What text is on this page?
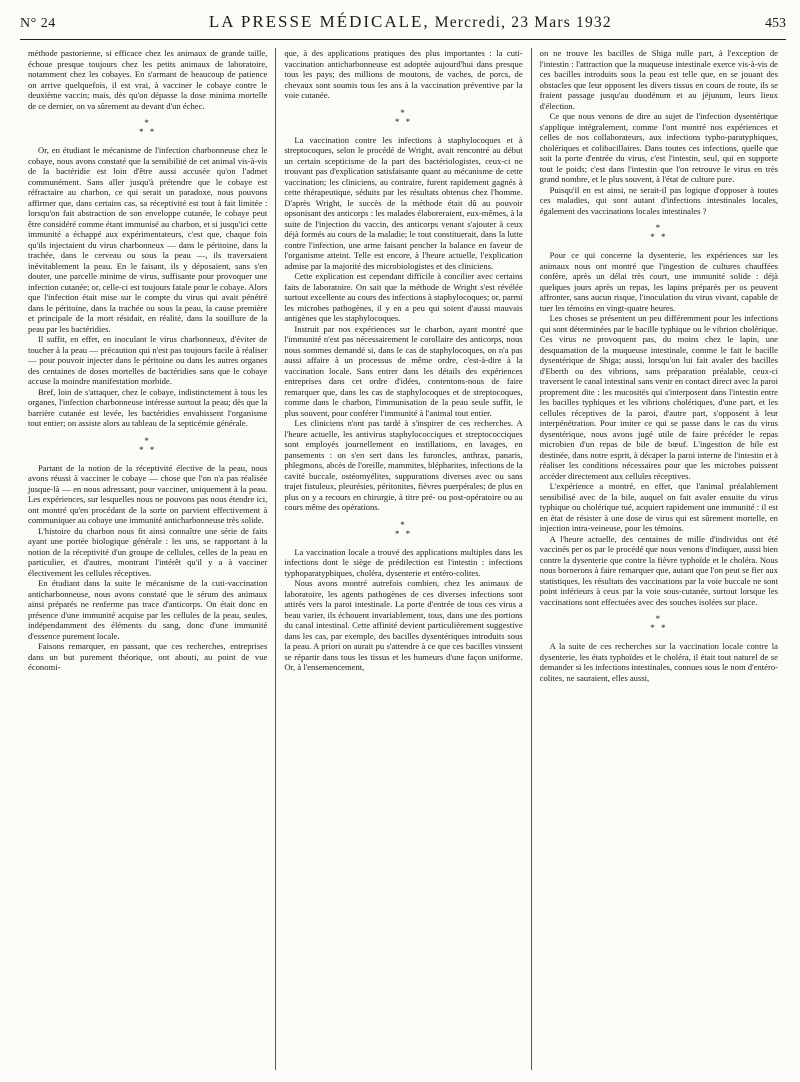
N° 24	LA PRESSE MÉDICALE, Mercredi, 23 Mars 1932	453

méthode pastorienne, si efficace chez les animaux de grande taille, échoue presque toujours chez les petits animaux de laboratoire, notamment chez les cobayes. En s'armant de beaucoup de patience on arrive quelquefois, il est vrai, à vacciner le cobaye contre le deuxième vaccin; mais, dès qu'on dépasse la dose minima mortelle de ce dernier, on va sûrement au devant d'un échec.

*
* *

Or, en étudiant le mécanisme de l'infection charbonneuse chez le cobaye, nous avons constaté que la sensibilité de cet animal vis-à-vis de la bactéridie est loin d'être aussi accusée qu'on l'admet communément. Sans aller jusqu'à prétendre que le cobaye est réfractaire au charbon, ce qui serait un paradoxe, nous pouvons affirmer que, dans certains cas, sa réceptivité est tout à fait limitée : lorsqu'on fait abstraction de son enveloppe cutanée, le cobaye peut être considéré comme étant immunisé au charbon, et si jusqu'ici cette immunité a échappé aux expérimentateurs, c'est que, chaque fois qu'ils injectaient du virus charbonneux — dans le péritoine, dans la trachée, dans le cerveau ou sous la peau —, ils traversaient inévitablement la peau. En le faisant, ils y déposaient, sans s'en douter, une parcelle minime de virus, suffisante pour provoquer une infection cutanée; or, celle-ci est toujours fatale pour le cobaye. Alors que l'infection était mise sur le compte du virus qui avait pénétré dans le péritoine, dans la trachée ou sous la peau, la cause première et principale de la mort résidait, en réalité, dans la souillure de la peau par les bactéridies.

Il suffit, en effet, en inoculant le virus charbonneux, d'éviter de toucher à la peau — précaution qui n'est pas toujours facile à réaliser — pour pouvoir injecter dans le péritoine ou dans les autres organes des centaines de doses mortelles de bactéridies sans que le cobaye accuse la moindre manifestation morbide.

Bref, loin de s'attaquer, chez le cobaye, indistinctement à tous les organes, l'infection charbonneuse intéresse surtout la peau; dès que la barrière cutanée est levée, les bactéridies envahissent l'organisme tout entier; on assiste alors au tableau de la septicémie générale.

*
* *

Partant de la notion de la réceptivité élective de la peau, nous avons réussi à vacciner le cobaye — chose que l'on n'a pas réalisée jusque-là — en nous adressant, pour vacciner, uniquement à la peau. Les expériences, sur lesquelles nous ne pouvons pas nous étendre ici, ont montré qu'en procédant de la sorte on parvient effectivement à communiquer au cobaye une immunité anticharbonneuse très solide.

L'histoire du charbon nous fit ainsi connaître une série de faits ayant une portée biologique générale : les uns, se rapportant à la notion de la réceptivité d'un groupe de cellules, celles de la peau en particulier, et d'autres, montrant l'intérêt qu'il y a à vacciner électivement les cellules réceptives.

En étudiant dans la suite le mécanisme de la cuti-vaccination anticharbonneuse, nous avons constaté que le sérum des animaux ainsi préparés ne renferme pas trace d'anticorps. On était donc en présence d'une immunité acquise par les cellules de la peau, seules, indépendamment des éléments du sang, donc d'une immunité d'essence purement locale.

Faisons remarquer, en passant, que ces recherches, entreprises dans un but purement théorique, ont abouti, au point de vue économi-

que, à des applications pratiques des plus importantes : la cuti-vaccination anticharbonneuse est adoptée aujourd'hui dans presque tous les pays; des millions de moutons, de vaches, de porcs, de chevaux sont soumis tous les ans à la vaccination préventive par la voie cutanée.

*
* *

La vaccination contre les infections à staphylocoques et à streptocoques, selon le procédé de Wright, avait rencontré au début un certain scepticisme de la part des bactériologistes, ceux-ci ne trouvant pas d'explication satisfaisante quant au mécanisme de cette vaccination; les cliniciens, au contraire, furent rapidement gagnés à cette thérapeutique, séduits par les résultats obtenus chez l'homme. D'après Wright, le succès de la méthode était dû au pouvoir opsonisant des anticorps : les malades élaboreraient, eux-mêmes, à la suite de l'injection du vaccin, des anticorps venant s'ajouter à ceux déjà formés au cours de la maladie; le tout constituerait, dans la lutte contre l'infection, une arme faisant pencher la balance en faveur de l'organisme atteint. Telle est encore, à l'heure actuelle, l'explication admise par la majorité des microbiologistes et des cliniciens.

Cette explication est cependant difficile à concilier avec certains faits de laboratoire. On sait que la méthode de Wright s'est révélée surtout excellente au cours des infections à staphylocoques; or, parmi les microbes pathogènes, il y en a peu qui soient d'aussi mauvais antigènes que les staphylocoques.

Instruit par nos expériences sur le charbon, ayant montré que l'immunité n'est pas nécessairement le corollaire des anticorps, nous nous sommes demandé si, dans le cas de staphylocoques, on n'a pas aussi affaire à un processus de même ordre, c'est-à-dire à la vaccination locale. Sans entrer dans les détails des expériences entreprises dans cet ordre d'idées, contentons-nous de faire remarquer que, dans les cas de staphylocoques et de streptocoques, comme dans le charbon, l'immunisation de la peau seule suffit, le plus souvent, pour conférer l'immunité à l'animal tout entier.

Les cliniciens n'ont pas tardé à s'inspirer de ces recherches. A l'heure actuelle, les antivirus staphylococciques et streptococciques sont employés journellement en instillations, en lavages, en pansements : on s'en sert dans les furoncles, anthrax, panaris, phlegmons, abcès de l'oreille, mammites, blépharites, infections de la cavité buccale, ostéomyélites, suppurations diverses avec ou sans trajet fistuleux, pleurésies, péritonites, fièvres puerpérales; de plus en plus on y a recours en chirurgie, à titre pré- ou post-opératoire ou au cours même des opérations.

*
* *

La vaccination locale a trouvé des applications multiples dans les infections dont le siège de prédilection est l'intestin : infections typhoparatyphiques, choléra, dysenterie et entéro-colites.

Nous avons montré autrefois combien, chez les animaux de laboratoire, les agents pathogènes de ces diverses infections sont attirés vers la paroi intestinale. La porte d'entrée de tous ces virus a beau varier, ils échouent invariablement, tous, dans une des portions du canal intestinal. Cette affinité devient particulièrement suggestive dans les cas, par exemple, des bacilles dysentériques introduits sous la peau. A priori on aurait pu s'attendre à ce que ces bacilles vinssent se répartir dans tous les tissus et les humeurs d'une façon uniforme. Or, à l'ensemencement,

on ne trouve les bacilles de Shiga nulle part, à l'exception de l'intestin : l'attraction que la muqueuse intestinale exerce vis-à-vis de ces bacilles introduits sous la peau est telle que, en se jouant des obstacles que leur opposent les divers tissus en cours de route, ils se fraient passage jusqu'au duodénum et au jéjunum, leurs lieux d'élection.

Ce que nous venons de dire au sujet de l'infection dysentérique s'applique intégralement, comme l'ont montré nos expériences et celles de nos collaborateurs, aux infections typho-paratyphiques, cholériques et colibacillaires. Dans toutes ces infections, quelle que soit la porte d'entrée du virus, c'est l'intestin, seul, qui en supporte tout le poids; c'est dans l'intestin que l'on retrouve le virus en très grand nombre, et le plus souvent, à l'état de culture pure.

Puisqu'il en est ainsi, ne serait-il pas logique d'opposer à toutes ces maladies, qui sont autant d'infections intestinales locales, également des vaccinations locales intestinales ?

*
* *

Pour ce qui concerne la dysenterie, les expériences sur les animaux nous ont montré que l'ingestion de cultures chauffées confère, après un délai très court, une immunité solide : déjà quelques jours après un repas, les lapins préparés per os peuvent affronter, sans aucun risque, l'inoculation du virus vivant, capable de tuer les témoins en vingt-quatre heures.

Les choses se présentent un peu différemment pour les infections qui sont déterminées par le bacille typhique ou le vibrion cholérique. Ces virus ne provoquent pas, du moins chez le lapin, une desquamation de la muqueuse intestinale, comme le fait le bacille dysentérique de Shiga; aussi, lorsqu'on lui fait avaler des bacilles d'Eberth ou des vibrions, sans préparation préalable, ceux-ci traversent le canal intestinal sans venir en contact direct avec la paroi proprement dite : les mucosités qui s'interposent dans l'intestin entre les bacilles typhiques et les vibrions cholériques, d'une part, et les cellules réceptives de la paroi, d'autre part, s'opposent à leur interpénétration. Pour imiter ce qui se passe dans le cas du virus dysentérique, nous avons jugé utile de faire précéder le repas microbien d'un repas de bile de bœuf. L'ingestion de bile est destinée, dans notre esprit, à décaper la paroi interne de l'intestin et à réaliser les conditions nécessaires pour que les microbes puissent accéder directement aux cellules réceptives.

L'expérience a montré, en effet, que l'animal préalablement sensibilisé avec de la bile, auquel on fait avaler ensuite du virus typhique ou cholérique tué, acquiert rapidement une immunité : il est en état de résister à une dose de virus qui est sûrement mortelle, en injection intra-veineuse, pour les témoins.

A l'heure actuelle, des centaines de mille d'individus ont été vaccinés per os par le procédé que nous venons d'indiquer, aussi bien contre la dysenterie que contre la fièvre typhoïde et le choléra. Nous nous bornerons à faire remarquer que, autant que l'on peut se fier aux statistiques, les résultats des vaccinations par la voie buccale ne sont point inférieurs à ceux par la voie sous-cutanée, surtout lorsque les vaccinations sont effectuées avec des souches isolées sur place.

*
* *

A la suite de ces recherches sur la vaccination locale contre la dysenterie, les états typhoïdes et le choléra, il était tout naturel de se demander si les infections intestinales, connues sous le nom d'entéro-colites, ne sauraient, elles aussi,
